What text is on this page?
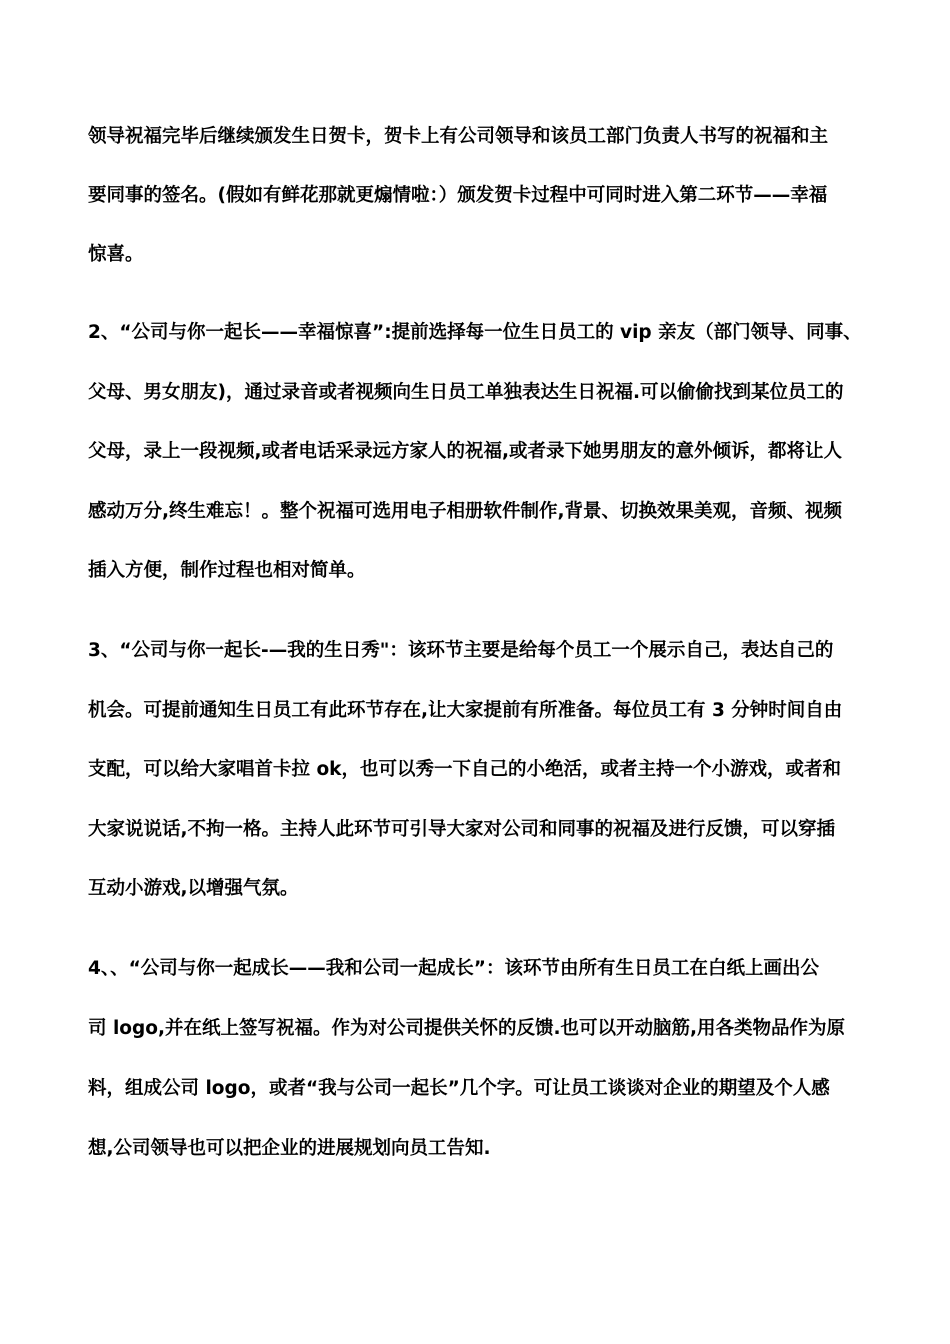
领导祝福完毕后继续颁发生日贺卡，贺卡上有公司领导和该员工部门负责人书写的祝福和主
要同事的签名。(假如有鲜花那就更煽情啦：）颁发贺卡过程中可同时进入第二环节——幸福
惊喜。
2、“公司与你一起长——幸福惊喜”:提前选择每一位生日员工的 vip 亲友（部门领导、同事、
父母、男女朋友)，通过录音或者视频向生日员工单独表达生日祝福.可以偷偷找到某位员工的
父母，录上一段视频,或者电话采录远方家人的祝福,或者录下她男朋友的意外倾诉，都将让人
感动万分,终生难忘！。整个祝福可选用电子相册软件制作,背景、切换效果美观，音频、视频
插入方便，制作过程也相对简单。
3、“公司与你一起长-—我的生日秀"：该环节主要是给每个员工一个展示自己，表达自己的
机会。可提前通知生日员工有此环节存在,让大家提前有所准备。每位员工有 3 分钟时间自由
支配，可以给大家唱首卡拉 ok，也可以秀一下自己的小绝活，或者主持一个小游戏，或者和
大家说说话,不拘一格。主持人此环节可引导大家对公司和同事的祝福及进行反馈，可以穿插
互动小游戏,以增强气氛。
4、、“公司与你一起成长——我和公司一起成长”：该环节由所有生日员工在白纸上画出公
司 logo,并在纸上签写祝福。作为对公司提供关怀的反馈.也可以开动脑筋,用各类物品作为原
料，组成公司 logo，或者“我与公司一起长”几个字。可让员工谈谈对企业的期望及个人感
想,公司领导也可以把企业的进展规划向员工告知.
